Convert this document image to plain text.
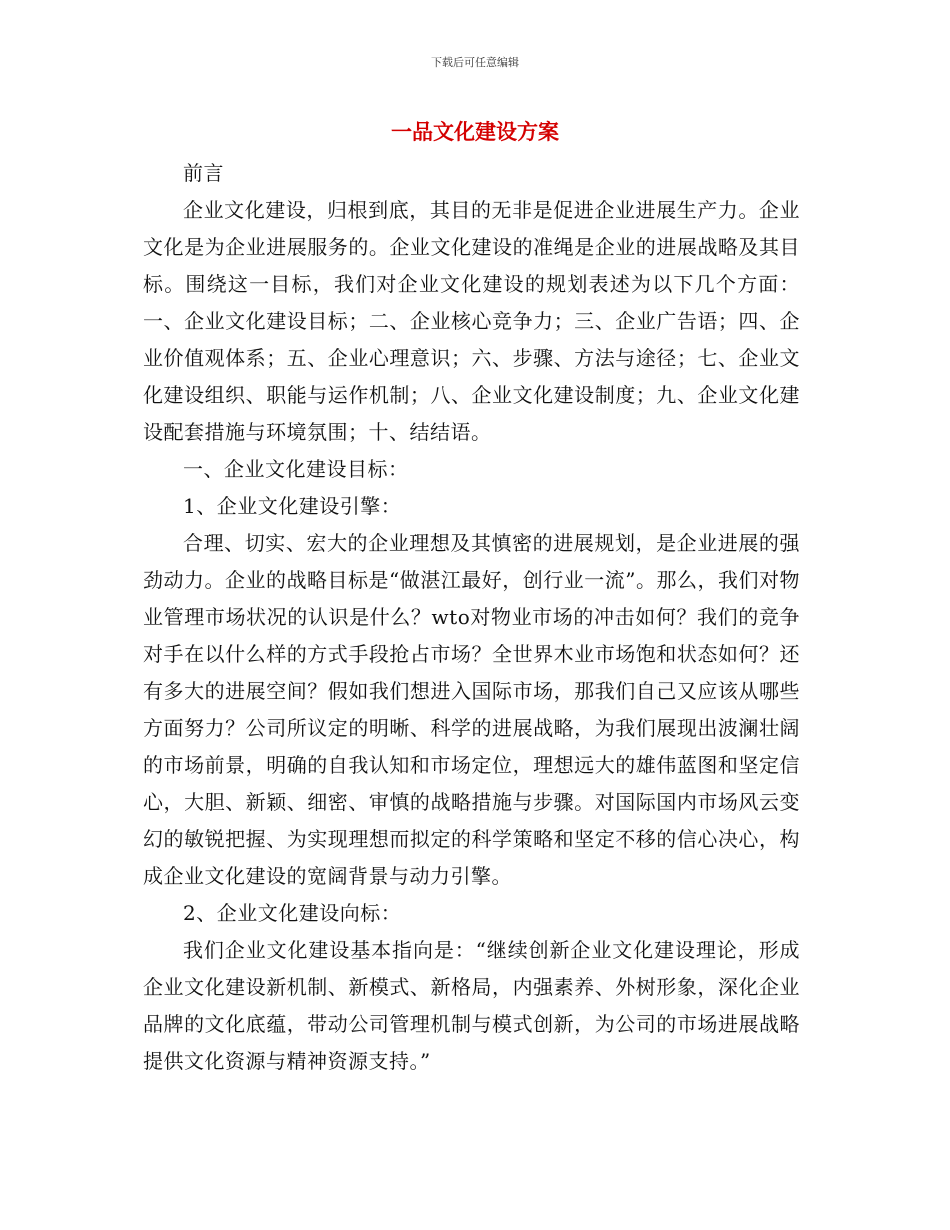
下载后可任意编辑
一品文化建设方案

前言

企业文化建设，归根到底，其目的无非是促进企业进展生产力。企业文化是为企业进展服务的。企业文化建设的准绳是企业的进展战略及其目标。围绕这一目标，我们对企业文化建设的规划表述为以下几个方面：一、企业文化建设目标；二、企业核心竞争力；三、企业广告语；四、企业价值观体系；五、企业心理意识；六、步骤、方法与途径；七、企业文化建设组织、职能与运作机制；八、企业文化建设制度；九、企业文化建设配套措施与环境氛围；十、结结语。

一、企业文化建设目标：

1、企业文化建设引擎：

合理、切实、宏大的企业理想及其慎密的进展规划，是企业进展的强劲动力。企业的战略目标是“做湛江最好，创行业一流”。那么，我们对物业管理市场状况的认识是什么？wto对物业市场的冲击如何？我们的竞争对手在以什么样的方式手段抢占市场？全世界木业市场饱和状态如何？还有多大的进展空间？假如我们想进入国际市场，那我们自己又应该从哪些方面努力？公司所议定的明晰、科学的进展战略，为我们展现出波澜壮阔的市场前景，明确的自我认知和市场定位，理想远大的雄伟蓝图和坚定信心，大胆、新颖、细密、审慎的战略措施与步骤。对国际国内市场风云变幻的敏锐把握、为实现理想而拟定的科学策略和坚定不移的信心决心，构成企业文化建设的宽阔背景与动力引擎。

2、企业文化建设向标：

我们企业文化建设基本指向是：“继续创新企业文化建设理论，形成企业文化建设新机制、新模式、新格局，内强素养、外树形象，深化企业品牌的文化底蕴，带动公司管理机制与模式创新，为公司的市场进展战略提供文化资源与精神资源支持。”
